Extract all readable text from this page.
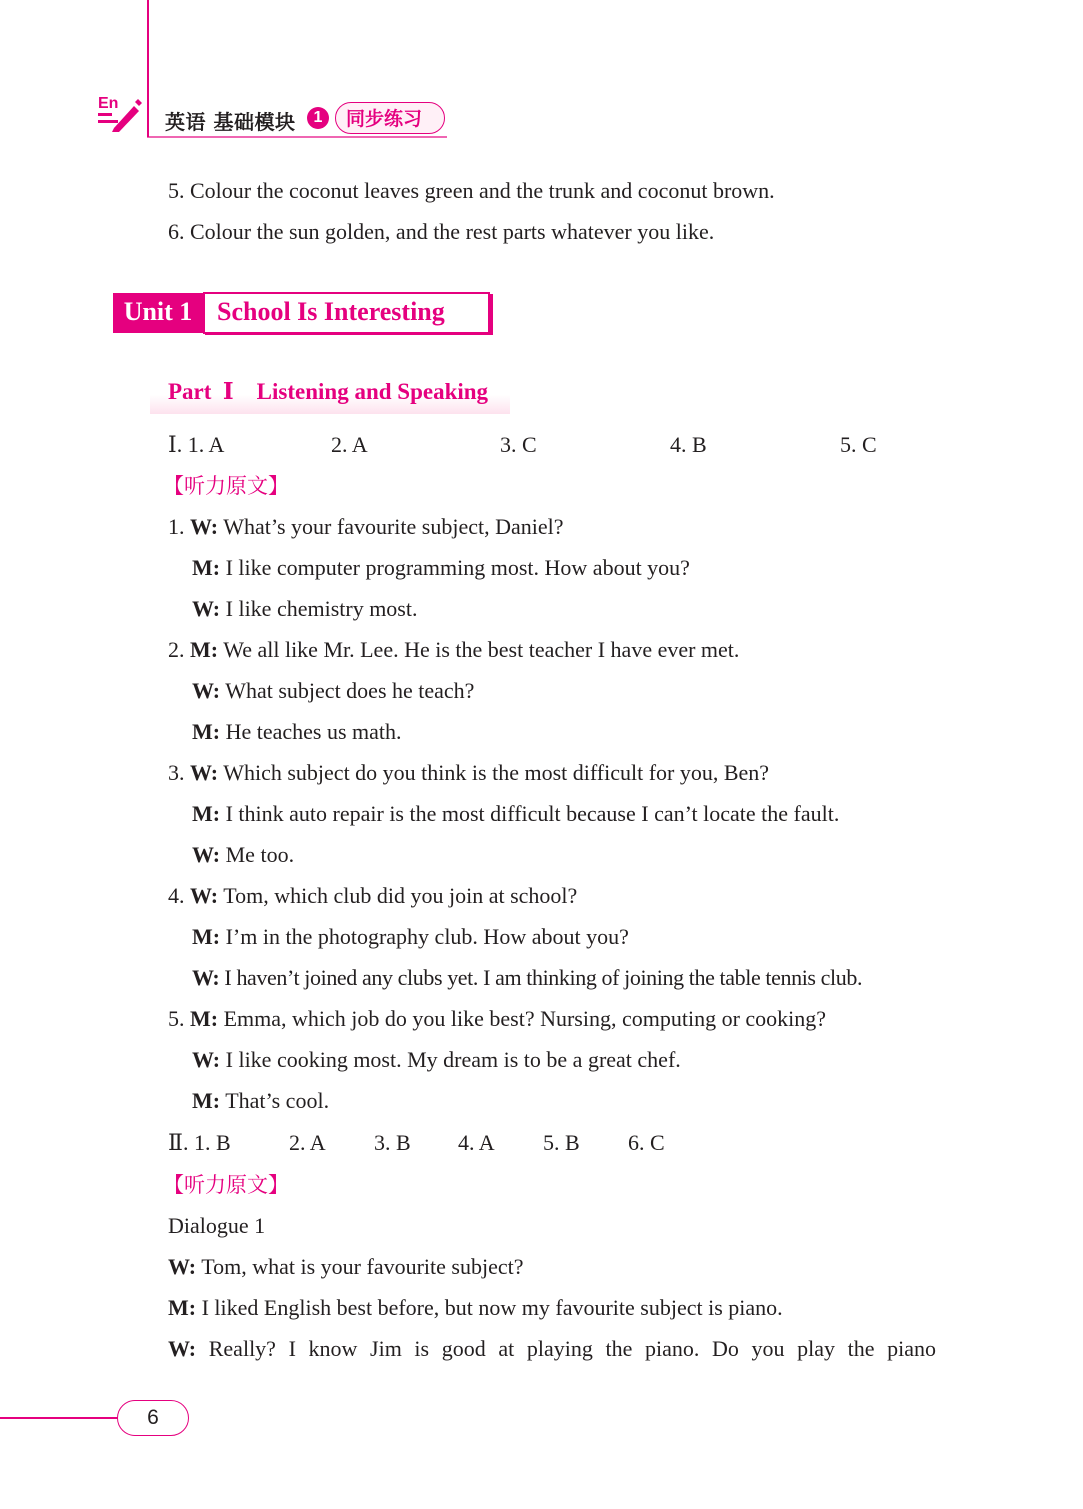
En
英语 基础模块	1	同步练习
5. Colour the coconut leaves green and the trunk and coconut brown.
6. Colour the sun golden, and the rest parts whatever you like.
Unit 1 School Is Interesting
Part  Ⅰ    Listening and Speaking
Ⅰ. 1. A	2. A	3. C	4. B	5. C
【听力原文】
1. W: What’s your favourite subject, Daniel?
M: I like computer programming most. How about you?
W: I like chemistry most.
2. M: We all like Mr. Lee. He is the best teacher I have ever met.
W: What subject does he teach?
M: He teaches us math.
3. W: Which subject do you think is the most difficult for you, Ben?
M: I think auto repair is the most difficult because I can’t locate the fault.
W: Me too.
4. W: Tom, which club did you join at school?
M: I’m in the photography club. How about you?
W: I haven’t joined any clubs yet. I am thinking of joining the table tennis club.
5. M: Emma, which job do you like best? Nursing, computing or cooking?
W: I like cooking most. My dream is to be a great chef.
M: That’s cool.
Ⅱ. 1. B	2. A 3. B 4. A 5. B 6. C
【听力原文】
Dialogue 1
W: Tom, what is your favourite subject?
M: I liked English best before, but now my favourite subject is piano.
W: Really? I know Jim is good at playing the piano. Do you play the piano
6
